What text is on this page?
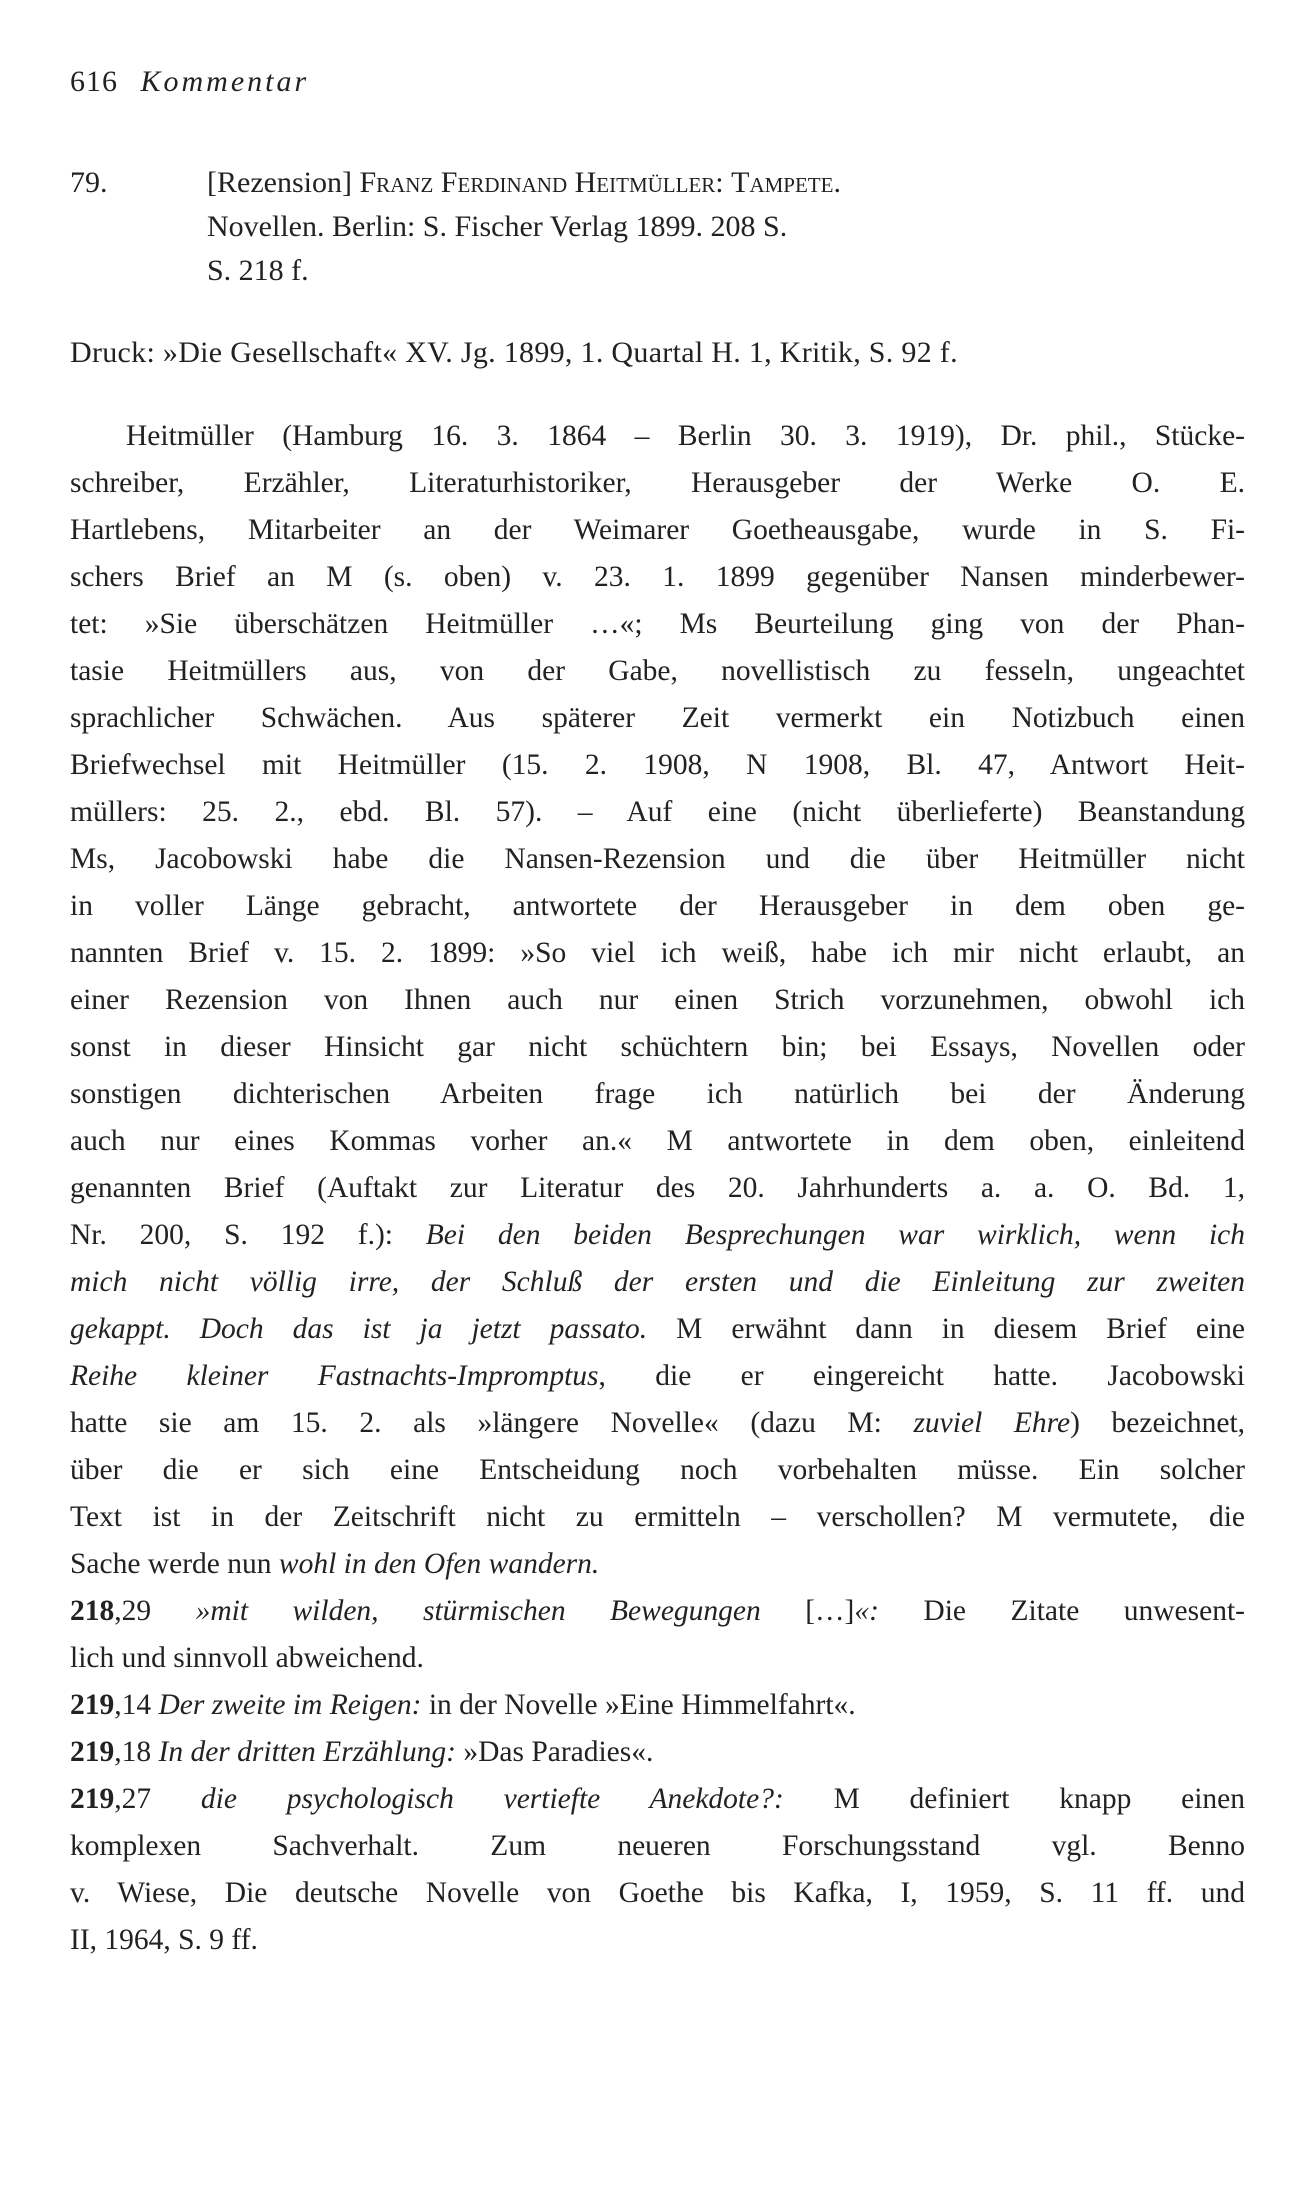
616 Kommentar
79.	[Rezension] Franz Ferdinand Heitmüller: Tampete.
Novellen. Berlin: S. Fischer Verlag 1899. 208 S.
S. 218 f.
Druck: »Die Gesellschaft« XV. Jg. 1899, 1. Quartal H. 1, Kritik, S. 92 f.
Heitmüller (Hamburg 16. 3. 1864 – Berlin 30. 3. 1919), Dr. phil., Stücke-
schreiber, Erzähler, Literaturhistoriker, Herausgeber der Werke O. E.
Hartlebens, Mitarbeiter an der Weimarer Goetheausgabe, wurde in S. Fi-
schers Brief an M (s. oben) v. 23. 1. 1899 gegenüber Nansen minderbewer-
tet: »Sie überschätzen Heitmüller …«; Ms Beurteilung ging von der Phan-
tasie Heitmüllers aus, von der Gabe, novellistisch zu fesseln, ungeachtet
sprachlicher Schwächen. Aus späterer Zeit vermerkt ein Notizbuch einen
Briefwechsel mit Heitmüller (15. 2. 1908, N 1908, Bl. 47, Antwort Heit-
müllers: 25. 2., ebd. Bl. 57). – Auf eine (nicht überlieferte) Beanstandung
Ms, Jacobowski habe die Nansen-Rezension und die über Heitmüller nicht
in voller Länge gebracht, antwortete der Herausgeber in dem oben ge-
nannten Brief v. 15. 2. 1899: »So viel ich weiß, habe ich mir nicht erlaubt, an
einer Rezension von Ihnen auch nur einen Strich vorzunehmen, obwohl ich
sonst in dieser Hinsicht gar nicht schüchtern bin; bei Essays, Novellen oder
sonstigen dichterischen Arbeiten frage ich natürlich bei der Änderung
auch nur eines Kommas vorher an.« M antwortete in dem oben, einleitend
genannten Brief (Auftakt zur Literatur des 20. Jahrhunderts a. a. O. Bd. 1,
Nr. 200, S. 192 f.): Bei den beiden Besprechungen war wirklich, wenn ich
mich nicht völlig irre, der Schluß der ersten und die Einleitung zur zweiten
gekappt. Doch das ist ja jetzt passato. M erwähnt dann in diesem Brief eine
Reihe kleiner Fastnachts-Impromptus, die er eingereicht hatte. Jacobowski
hatte sie am 15. 2. als »längere Novelle« (dazu M: zuviel Ehre) bezeichnet,
über die er sich eine Entscheidung noch vorbehalten müsse. Ein solcher
Text ist in der Zeitschrift nicht zu ermitteln – verschollen? M vermutete, die
Sache werde nun wohl in den Ofen wandern.
218,29 »mit wilden, stürmischen Bewegungen […]«: Die Zitate unwesent-
lich und sinnvoll abweichend.
219,14 Der zweite im Reigen: in der Novelle »Eine Himmelfahrt«.
219,18 In der dritten Erzählung: »Das Paradies«.
219,27 die psychologisch vertiefte Anekdote?: M definiert knapp einen
komplexen Sachverhalt. Zum neueren Forschungsstand vgl. Benno
v. Wiese, Die deutsche Novelle von Goethe bis Kafka, I, 1959, S. 11 ff. und
II, 1964, S. 9 ff.
